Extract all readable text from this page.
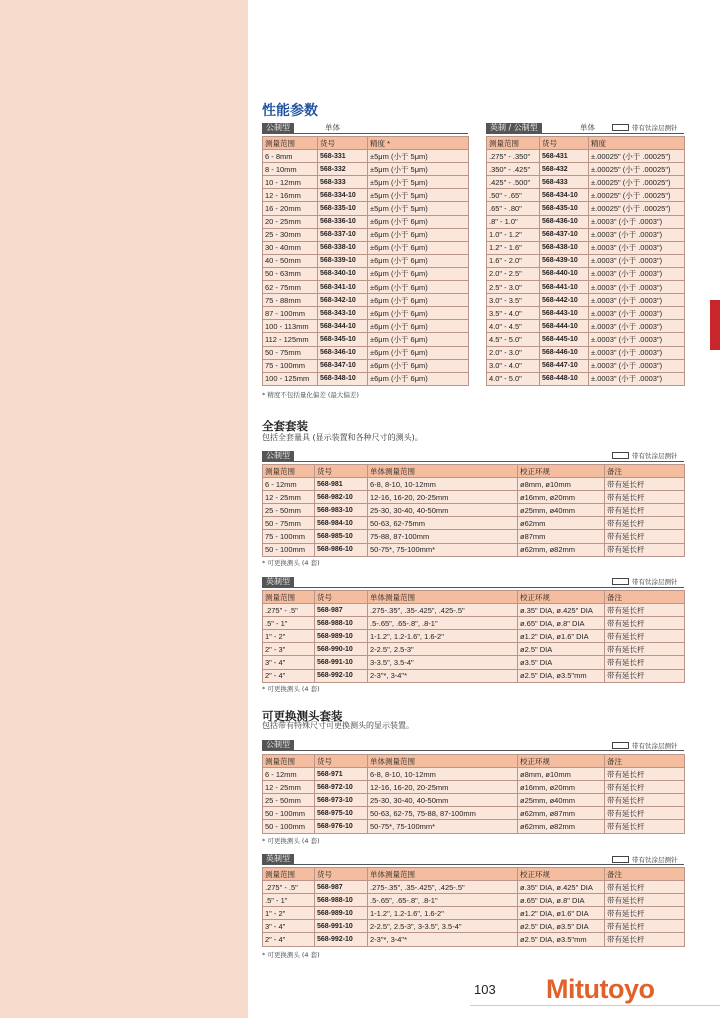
性能参数
公制型	单体
测量范围	货号	精度 *
6 - 8mm	568-331	±5μm (小于 5μm)
8 - 10mm	568-332	±5μm (小于 5μm)
10 - 12mm	568-333	±5μm (小于 5μm)
12 - 16mm	568-334-10	±5μm (小于 5μm)
16 - 20mm	568-335-10	±5μm (小于 5μm)
20 - 25mm	568-336-10	±6μm (小于 6μm)
25 - 30mm	568-337-10	±6μm (小于 6μm)
30 - 40mm	568-338-10	±6μm (小于 6μm)
40 - 50mm	568-339-10	±6μm (小于 6μm)
50 - 63mm	568-340-10	±6μm (小于 6μm)
62 - 75mm	568-341-10	±6μm (小于 6μm)
75 - 88mm	568-342-10	±6μm (小于 6μm)
87 - 100mm	568-343-10	±6μm (小于 6μm)
100 - 113mm	568-344-10	±6μm (小于 6μm)
112 - 125mm	568-345-10	±6μm (小于 6μm)
50 - 75mm	568-346-10	±6μm (小于 6μm)
75 - 100mm	568-347-10	±6μm (小于 6μm)
100 - 125mm	568-348-10	±6μm (小于 6μm)
英制 / 公制型	单体	带有钛涂层测针
测量范围	货号	精度
.275" - .350"	568-431	±.00025" (小于 .00025")
.350" - .425"	568-432	±.00025" (小于 .00025")
.425" - .500"	568-433	±.00025" (小于 .00025")
.50" - .65"	568-434-10	±.00025" (小于 .00025")
.65" - .80"	568-435-10	±.00025" (小于 .00025")
.8" - 1.0"	568-436-10	±.0003" (小于 .0003")
1.0" - 1.2"	568-437-10	±.0003" (小于 .0003")
1.2" - 1.6"	568-438-10	±.0003" (小于 .0003")
1.6" - 2.0"	568-439-10	±.0003" (小于 .0003")
2.0" - 2.5"	568-440-10	±.0003" (小于 .0003")
2.5" - 3.0"	568-441-10	±.0003" (小于 .0003")
3.0" - 3.5"	568-442-10	±.0003" (小于 .0003")
3.5" - 4.0"	568-443-10	±.0003" (小于 .0003")
4.0" - 4.5"	568-444-10	±.0003" (小于 .0003")
4.5" - 5.0"	568-445-10	±.0003" (小于 .0003")
2.0" - 3.0"	568-446-10	±.0003" (小于 .0003")
3.0" - 4.0"	568-447-10	±.0003" (小于 .0003")
4.0" - 5.0"	568-448-10	±.0003" (小于 .0003")
* 精度不包括量化偏差 (最大偏差)
全套套装
包括全套量具 (显示装置和各种尺寸的测头)。
公制型	带有钛涂层测针
测量范围	货号	单体测量范围	校正环规	备注
6 - 12mm	568-981	6-8, 8-10, 10-12mm	ø8mm, ø10mm	带有延长杆
12 - 25mm	568-982-10	12-16, 16-20, 20-25mm	ø16mm, ø20mm	带有延长杆
25 - 50mm	568-983-10	25-30, 30-40, 40-50mm	ø25mm, ø40mm	带有延长杆
50 - 75mm	568-984-10	50-63, 62-75mm	ø62mm	带有延长杆
75 - 100mm	568-985-10	75-88, 87-100mm	ø87mm	带有延长杆
50 - 100mm	568-986-10	50-75*, 75-100mm*	ø62mm, ø82mm	带有延长杆
* 可更换测头 (4 套)
英制型	带有钛涂层测针
测量范围	货号	单体测量范围	校正环规	备注
.275" - .5"	568-987	.275-.35", .35-.425", .425-.5"	ø.35" DIA, ø.425" DIA	带有延长杆
.5" - 1"	568-988-10	.5-.65", .65-.8", .8-1"	ø.65" DIA, ø.8" DIA	带有延长杆
1" - 2"	568-989-10	1-1.2", 1.2-1.6", 1.6-2"	ø1.2" DIA, ø1.6" DIA	带有延长杆
2" - 3"	568-990-10	2-2.5", 2.5-3"	ø2.5" DIA	带有延长杆
3" - 4"	568-991-10	3-3.5", 3.5-4"	ø3.5" DIA	带有延长杆
2" - 4"	568-992-10	2-3"*, 3-4"*	ø2.5" DIA, ø3.5"mm	带有延长杆
* 可更换测头 (4 套)
可更换测头套装
包括带有特殊尺寸可更换测头的显示装置。
公制型	带有钛涂层测针
测量范围	货号	单体测量范围	校正环规	备注
6 - 12mm	568-971	6-8, 8-10, 10-12mm	ø8mm, ø10mm	带有延长杆
12 - 25mm	568-972-10	12-16, 16-20, 20-25mm	ø16mm, ø20mm	带有延长杆
25 - 50mm	568-973-10	25-30, 30-40, 40-50mm	ø25mm, ø40mm	带有延长杆
50 - 100mm	568-975-10	50-63, 62-75, 75-88, 87-100mm	ø62mm, ø87mm	带有延长杆
50 - 100mm	568-976-10	50-75*, 75-100mm*	ø62mm, ø82mm	带有延长杆
* 可更换测头 (4 套)
英制型	带有钛涂层测针
测量范围	货号	单体测量范围	校正环规	备注
.275" - .5"	568-987	.275-.35", .35-.425", .425-.5"	ø.35" DIA, ø.425" DIA	带有延长杆
.5" - 1"	568-988-10	.5-.65", .65-.8", .8-1"	ø.65" DIA, ø.8" DIA	带有延长杆
1" - 2"	568-989-10	1-1.2", 1.2-1.6", 1.6-2"	ø1.2" DIA, ø1.6" DIA	带有延长杆
3" - 4"	568-991-10	2-2.5", 2.5-3", 3-3.5", 3.5-4"	ø2.5" DIA, ø3.5" DIA	带有延长杆
2" - 4"	568-992-10	2-3"*, 3-4"*	ø2.5" DIA, ø3.5"mm	带有延长杆
* 可更换测头 (4 套)
103 Mitutoyo
